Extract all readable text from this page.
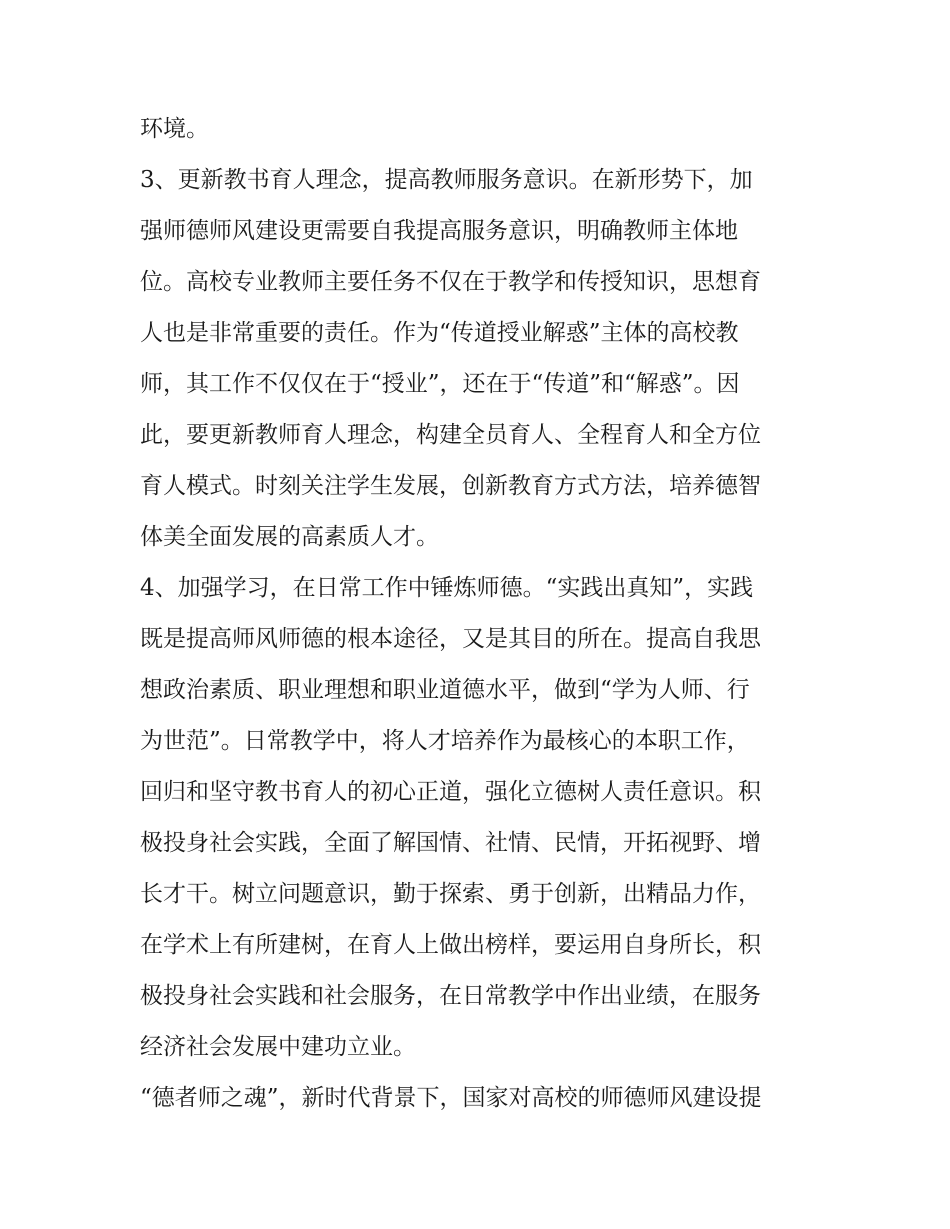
环境。
3、更新教书育人理念，提高教师服务意识。在新形势下，加
强师德师风建设更需要自我提高服务意识，明确教师主体地
位。高校专业教师主要任务不仅在于教学和传授知识，思想育
人也是非常重要的责任。作为“传道授业解惑”主体的高校教
师，其工作不仅仅在于“授业”，还在于“传道”和“解惑”。因
此，要更新教师育人理念，构建全员育人、全程育人和全方位
育人模式。时刻关注学生发展，创新教育方式方法，培养德智
体美全面发展的高素质人才。
4、加强学习，在日常工作中锤炼师德。“实践出真知”，实践
既是提高师风师德的根本途径，又是其目的所在。提高自我思
想政治素质、职业理想和职业道德水平，做到“学为人师、行
为世范”。日常教学中，将人才培养作为最核心的本职工作，
回归和坚守教书育人的初心正道，强化立德树人责任意识。积
极投身社会实践，全面了解国情、社情、民情，开拓视野、增
长才干。树立问题意识，勤于探索、勇于创新，出精品力作，
在学术上有所建树，在育人上做出榜样，要运用自身所长，积
极投身社会实践和社会服务，在日常教学中作出业绩，在服务
经济社会发展中建功立业。
“德者师之魂”，新时代背景下，国家对高校的师德师风建设提
